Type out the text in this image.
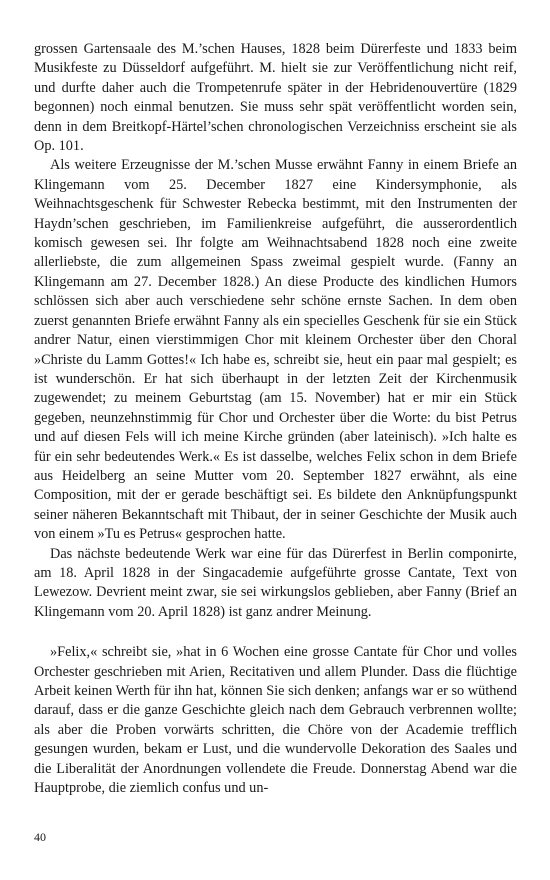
grossen Gartensaale des M.’schen Hauses, 1828 beim Dürerfeste und 1833 beim Musikfeste zu Düsseldorf aufgeführt. M. hielt sie zur Veröffentlichung nicht reif, und durfte daher auch die Trompetenrufe später in der Hebridenouvertüre (1829 begonnen) noch einmal benutzen. Sie muss sehr spät veröffentlicht worden sein, denn in dem Breitkopf-Härtel’schen chronologischen Verzeichniss erscheint sie als Op. 101.

Als weitere Erzeugnisse der M.’schen Musse erwähnt Fanny in einem Briefe an Klingemann vom 25. December 1827 eine Kindersymphonie, als Weihnachtsgeschenk für Schwester Rebecka bestimmt, mit den Instrumenten der Haydn’schen geschrieben, im Familienkreise aufgeführt, die ausserordentlich komisch gewesen sei. Ihr folgte am Weihnachtsabend 1828 noch eine zweite allerliebste, die zum allgemeinen Spass zweimal gespielt wurde. (Fanny an Klingemann am 27. December 1828.) An diese Producte des kindlichen Humors schlössen sich aber auch verschiedene sehr schöne ernste Sachen. In dem oben zuerst genannten Briefe erwähnt Fanny als ein specielles Geschenk für sie ein Stück andrer Natur, einen vierstimmigen Chor mit kleinem Orchester über den Choral »Christe du Lamm Gottes!« Ich habe es, schreibt sie, heut ein paar mal gespielt; es ist wunderschön. Er hat sich überhaupt in der letzten Zeit der Kirchenmusik zugewendet; zu meinem Geburtstag (am 15. November) hat er mir ein Stück gegeben, neunzehnstimmig für Chor und Orchester über die Worte: du bist Petrus und auf diesen Fels will ich meine Kirche gründen (aber lateinisch). »Ich halte es für ein sehr bedeutendes Werk.« Es ist dasselbe, welches Felix schon in dem Briefe aus Heidelberg an seine Mutter vom 20. September 1827 erwähnt, als eine Composition, mit der er gerade beschäftigt sei. Es bildete den Anknüpfungspunkt seiner näheren Bekanntschaft mit Thibaut, der in seiner Geschichte der Musik auch von einem »Tu es Petrus« gesprochen hatte.

Das nächste bedeutende Werk war eine für das Dürerfest in Berlin componirte, am 18. April 1828 in der Singacademie aufgeführte grosse Cantate, Text von Lewezow. Devrient meint zwar, sie sei wirkungslos geblieben, aber Fanny (Brief an Klingemann vom 20. April 1828) ist ganz andrer Meinung.

»Felix,« schreibt sie, »hat in 6 Wochen eine grosse Cantate für Chor und volles Orchester geschrieben mit Arien, Recitativen und allem Plunder. Dass die flüchtige Arbeit keinen Werth für ihn hat, können Sie sich denken; anfangs war er so wüthend darauf, dass er die ganze Geschichte gleich nach dem Gebrauch verbrennen wollte; als aber die Proben vorwärts schritten, die Chöre von der Academie trefflich gesungen wurden, bekam er Lust, und die wundervolle Dekoration des Saales und die Liberalität der Anordnungen vollendete die Freude. Donnerstag Abend war die Hauptprobe, die ziemlich confus und un-

40
